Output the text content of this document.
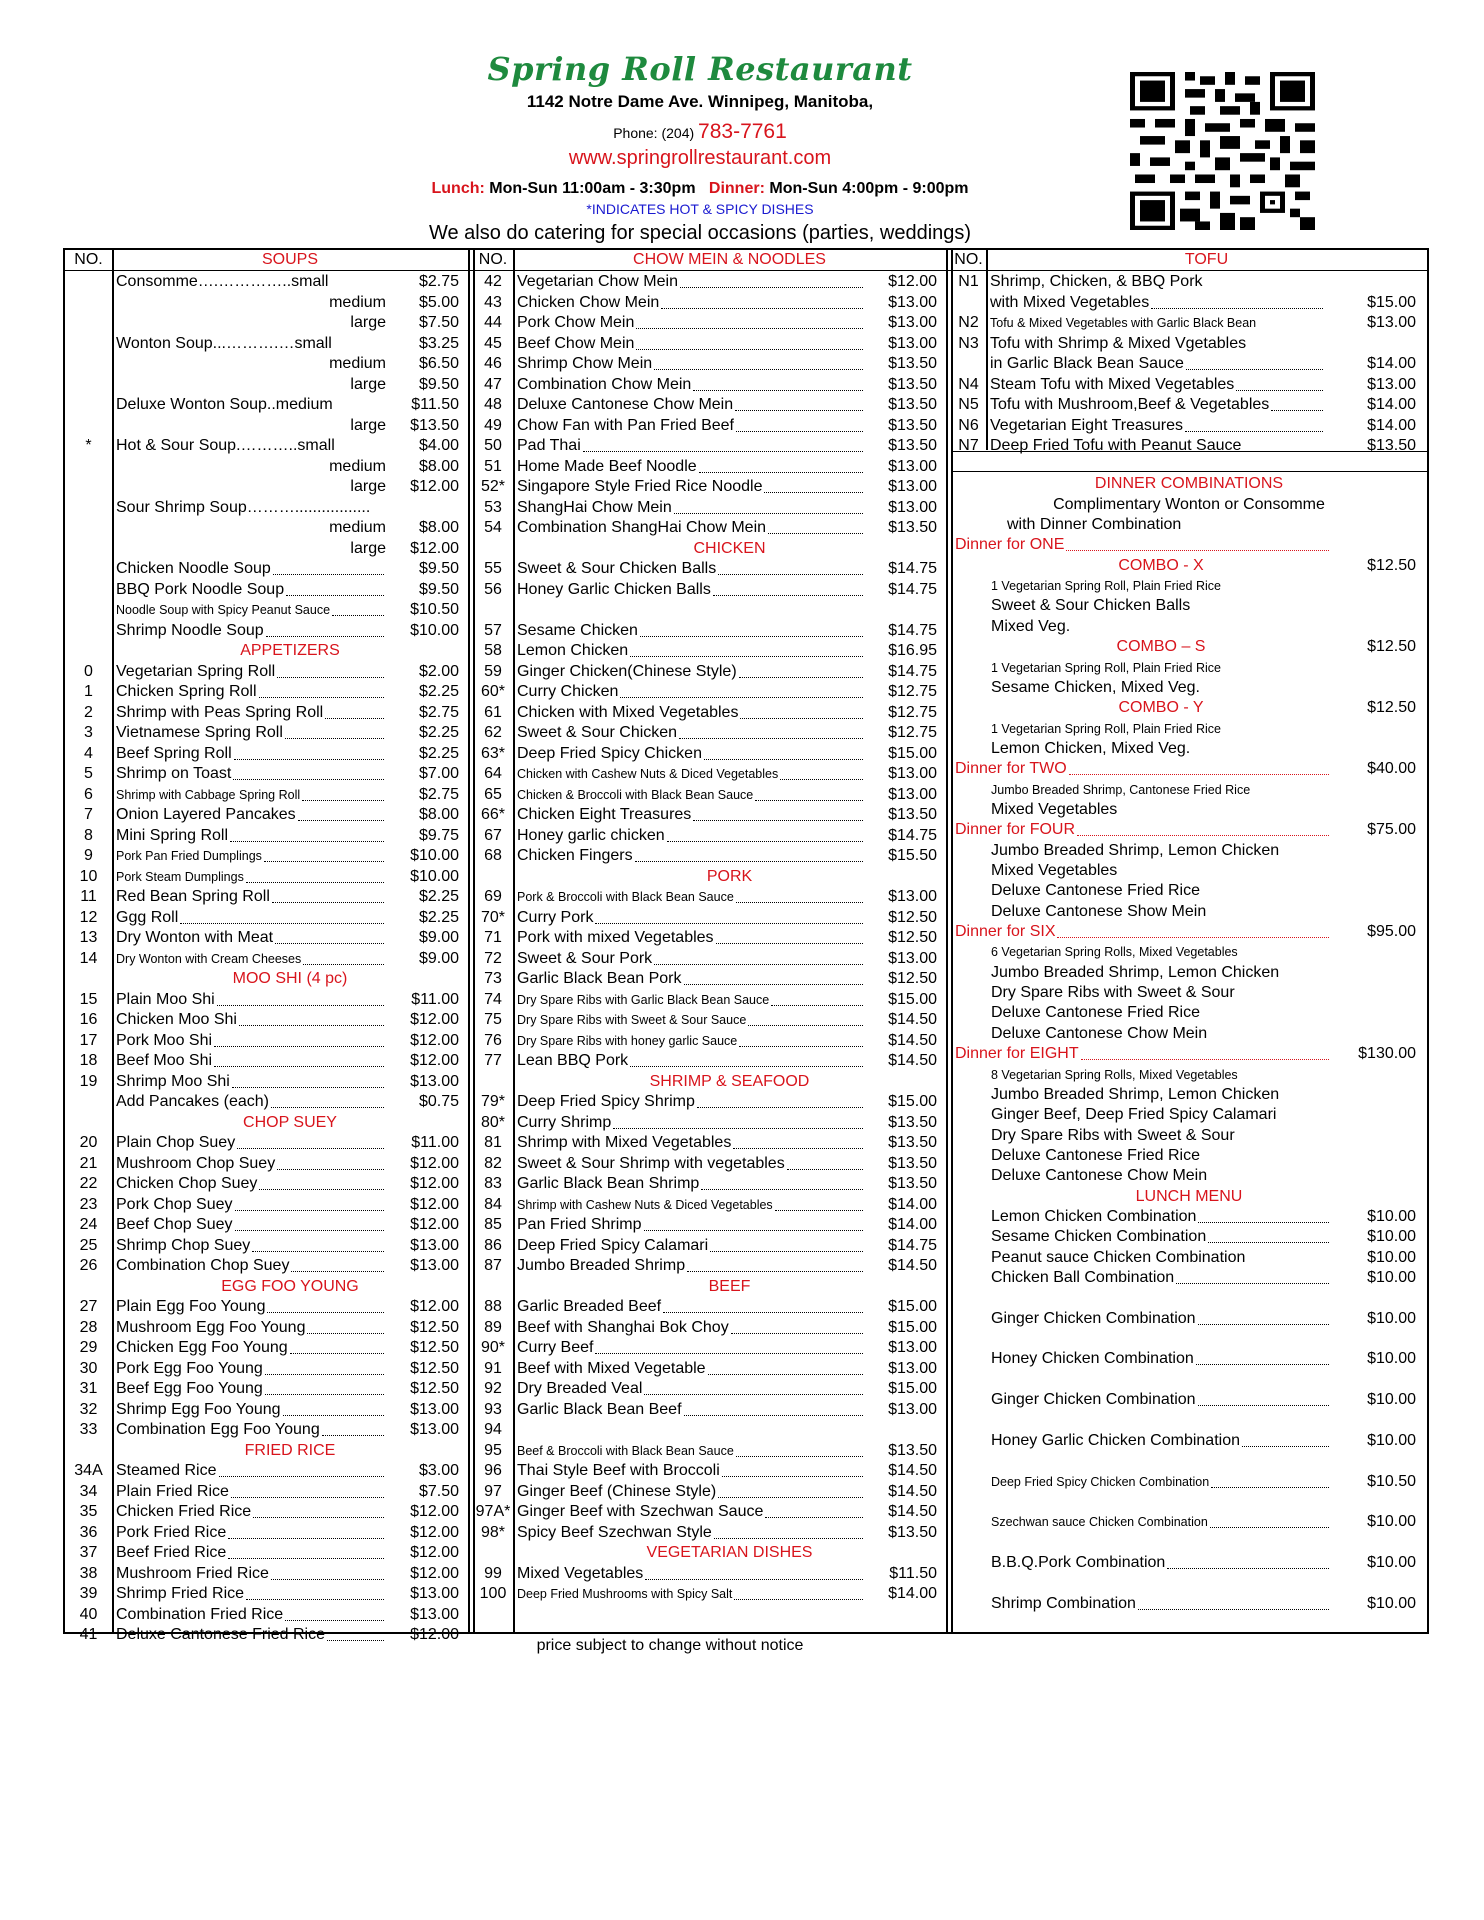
Spring Roll Restaurant
1142 Notre Dame Ave. Winnipeg, Manitoba,
Phone: (204) 783-7761
www.springrollrestaurant.com
Lunch: Mon-Sun 11:00am - 3:30pm Dinner: Mon-Sun 4:00pm - 9:00pm
*INDICATES HOT & SPICY DISHES
We also do catering for special occasions (parties, weddings)
NO.	SOUPS
Consomme….…………..small	$2.75
medium	$5.00
large	$7.50
Wonton Soup...……….…small	$3.25
medium	$6.50
large	$9.50
Deluxe Wonton Soup..medium	$11.50
large	$13.50
*	Hot & Sour Soup.………..small	$4.00
medium	$8.00
large	$12.00
Sour Shrimp Soup……….................
medium	$8.00
large	$12.00
Chicken Noodle Soup	$9.50
BBQ Pork Noodle Soup	$9.50
Noodle Soup with Spicy Peanut Sauce	$10.50
Shrimp Noodle Soup	$10.00
APPETIZERS
0	Vegetarian Spring Roll	$2.00
1	Chicken Spring Roll	$2.25
2	Shrimp with Peas Spring Roll	$2.75
3	Vietnamese Spring Roll	$2.25
4	Beef Spring Roll	$2.25
5	Shrimp on Toast	$7.00
6	Shrimp with Cabbage Spring Roll	$2.75
7	Onion Layered Pancakes	$8.00
8	Mini Spring Roll	$9.75
9	Pork Pan Fried Dumplings	$10.00
10	Pork Steam Dumplings	$10.00
11	Red Bean Spring Roll	$2.25
12	Ggg Roll	$2.25
13	Dry Wonton with Meat	$9.00
14	Dry Wonton with Cream Cheeses	$9.00
MOO SHI (4 pc)
15	Plain Moo Shi	$11.00
16	Chicken Moo Shi	$12.00
17	Pork Moo Shi	$12.00
18	Beef Moo Shi	$12.00
19	Shrimp Moo Shi	$13.00
Add Pancakes (each)	$0.75
CHOP SUEY
20	Plain Chop Suey	$11.00
21	Mushroom Chop Suey	$12.00
22	Chicken Chop Suey	$12.00
23	Pork Chop Suey	$12.00
24	Beef Chop Suey	$12.00
25	Shrimp Chop Suey	$13.00
26	Combination Chop Suey	$13.00
EGG FOO YOUNG
27	Plain Egg Foo Young	$12.00
28	Mushroom Egg Foo Young	$12.50
29	Chicken Egg Foo Young	$12.50
30	Pork Egg Foo Young	$12.50
31	Beef Egg Foo Young	$12.50
32	Shrimp Egg Foo Young	$13.00
33	Combination Egg Foo Young	$13.00
FRIED RICE
34A Steamed Rice	$3.00
34	Plain Fried Rice	$7.50
35	Chicken Fried Rice	$12.00
36	Pork Fried Rice	$12.00
37	Beef Fried Rice	$12.00
38	Mushroom Fried Rice	$12.00
39	Shrimp Fried Rice	$13.00
40	Combination Fried Rice	$13.00
41	Deluxe Cantonese Fried Rice	$12.00
NO.	CHOW MEIN & NOODLES
42 Vegetarian Chow Mein	$12.00
43 Chicken Chow Mein	$13.00
44 Pork Chow Mein	$13.00
45 Beef Chow Mein	$13.00
46 Shrimp Chow Mein	$13.50
47 Combination Chow Mein	$13.50
48 Deluxe Cantonese Chow Mein	$13.50
49 Chow Fan with Pan Fried Beef	$13.50
50 Pad Thai	$13.50
51 Home Made Beef Noodle	$13.00
52* Singapore Style Fried Rice Noodle	$13.00
53 ShangHai Chow Mein	$13.00
54 Combination ShangHai Chow Mein	$13.50
CHICKEN
55 Sweet & Sour Chicken Balls	$14.75
56 Honey Garlic Chicken Balls	$14.75
57 Sesame Chicken	$14.75
58 Lemon Chicken	$16.95
59 Ginger Chicken(Chinese Style)	$14.75
60* Curry Chicken	$12.75
61 Chicken with Mixed Vegetables	$12.75
62 Sweet & Sour Chicken	$12.75
63* Deep Fried Spicy Chicken	$15.00
64	Chicken with Cashew Nuts & Diced Vegetables	$13.00
65	Chicken & Broccoli with Black Bean Sauce	$13.00
66* Chicken Eight Treasures	$13.50
67 Honey garlic chicken	$14.75
68 Chicken Fingers	$15.50
PORK
69	Pork & Broccoli with Black Bean Sauce	$13.00
70* Curry Pork	$12.50
71 Pork with mixed Vegetables	$12.50
72 Sweet & Sour Pork	$13.00
73 Garlic Black Bean Pork	$12.50
74	Dry Spare Ribs with Garlic Black Bean Sauce	$15.00
75	Dry Spare Ribs with Sweet & Sour Sauce	$14.50
76	Dry Spare Ribs with honey garlic Sauce	$14.50
77 Lean BBQ Pork	$14.50
SHRIMP & SEAFOOD
79* Deep Fried Spicy Shrimp	$15.00
80* Curry Shrimp	$13.50
81 Shrimp with Mixed Vegetables	$13.50
82 Sweet & Sour Shrimp with vegetables	$13.50
83 Garlic Black Bean Shrimp	$13.50
84	Shrimp with Cashew Nuts & Diced Vegetables	$14.00
85 Pan Fried Shrimp	$14.00
86 Deep Fried Spicy Calamari	$14.75
87 Jumbo Breaded Shrimp	$14.50
BEEF
88 Garlic Breaded Beef	$15.00
89 Beef with Shanghai Bok Choy	$15.00
90* Curry Beef	$13.00
91 Beef with Mixed Vegetable	$13.00
92 Dry Breaded Veal	$15.00
93 Garlic Black Bean Beef	$13.00
94
95	Beef & Broccoli with Black Bean Sauce	$13.50
96 Thai Style Beef with Broccoli	$14.50
97 Ginger Beef (Chinese Style)	$14.50
97A* Ginger Beef with Szechwan Sauce	$14.50
98* Spicy Beef Szechwan Style	$13.50
VEGETARIAN DISHES
99 Mixed Vegetables	$11.50
100 Deep Fried Mushrooms with Spicy Salt	$14.00
NO.	TOFU
N1 Shrimp, Chicken, & BBQ Pork
with Mixed Vegetables	$15.00
N2 Tofu & Mixed Vegetables with Garlic Black Bean	$13.00
N3 Tofu with Shrimp & Mixed Vgetables
in Garlic Black Bean Sauce	$14.00
N4 Steam Tofu with Mixed Vegetables	$13.00
N5 Tofu with Mushroom,Beef & Vegetables	$14.00
N6 Vegetarian Eight Treasures	$14.00
N7 Deep Fried Tofu with Peanut Sauce	$13.50
DINNER COMBINATIONS
Complimentary Wonton or Consomme
with Dinner Combination
Dinner for ONE
COMBO - X	$12.50
1 Vegetarian Spring Roll, Plain Fried Rice
Sweet & Sour Chicken Balls
Mixed Veg.
COMBO – S	$12.50
1 Vegetarian Spring Roll, Plain Fried Rice
Sesame Chicken, Mixed Veg.
COMBO - Y	$12.50
1 Vegetarian Spring Roll, Plain Fried Rice
Lemon Chicken, Mixed Veg.
Dinner for TWO	$40.00
Jumbo Breaded Shrimp, Cantonese Fried Rice
Mixed Vegetables
Dinner for FOUR	$75.00
Jumbo Breaded Shrimp, Lemon Chicken
Mixed Vegetables
Deluxe Cantonese Fried Rice
Deluxe Cantonese Show Mein
Dinner for SIX	$95.00
6 Vegetarian Spring Rolls, Mixed Vegetables
Jumbo Breaded Shrimp, Lemon Chicken
Dry Spare Ribs with Sweet & Sour
Deluxe Cantonese Fried Rice
Deluxe Cantonese Chow Mein
Dinner for EIGHT	$130.00
8 Vegetarian Spring Rolls, Mixed Vegetables
Jumbo Breaded Shrimp, Lemon Chicken
Ginger Beef, Deep Fried Spicy Calamari
Dry Spare Ribs with Sweet & Sour
Deluxe Cantonese Fried Rice
Deluxe Cantonese Chow Mein
LUNCH MENU
Lemon Chicken Combination	$10.00
Sesame Chicken Combination	$10.00
Peanut sauce Chicken Combination	$10.00
Chicken Ball Combination	$10.00
Ginger Chicken Combination	$10.00
Honey Chicken Combination	$10.00
Ginger Chicken Combination	$10.00
Honey Garlic Chicken Combination	$10.00
Deep Fried Spicy Chicken Combination	$10.50
Szechwan sauce Chicken Combination	$10.00
B.B.Q.Pork Combination	$10.00
Shrimp Combination	$10.00
price subject to change without notice
